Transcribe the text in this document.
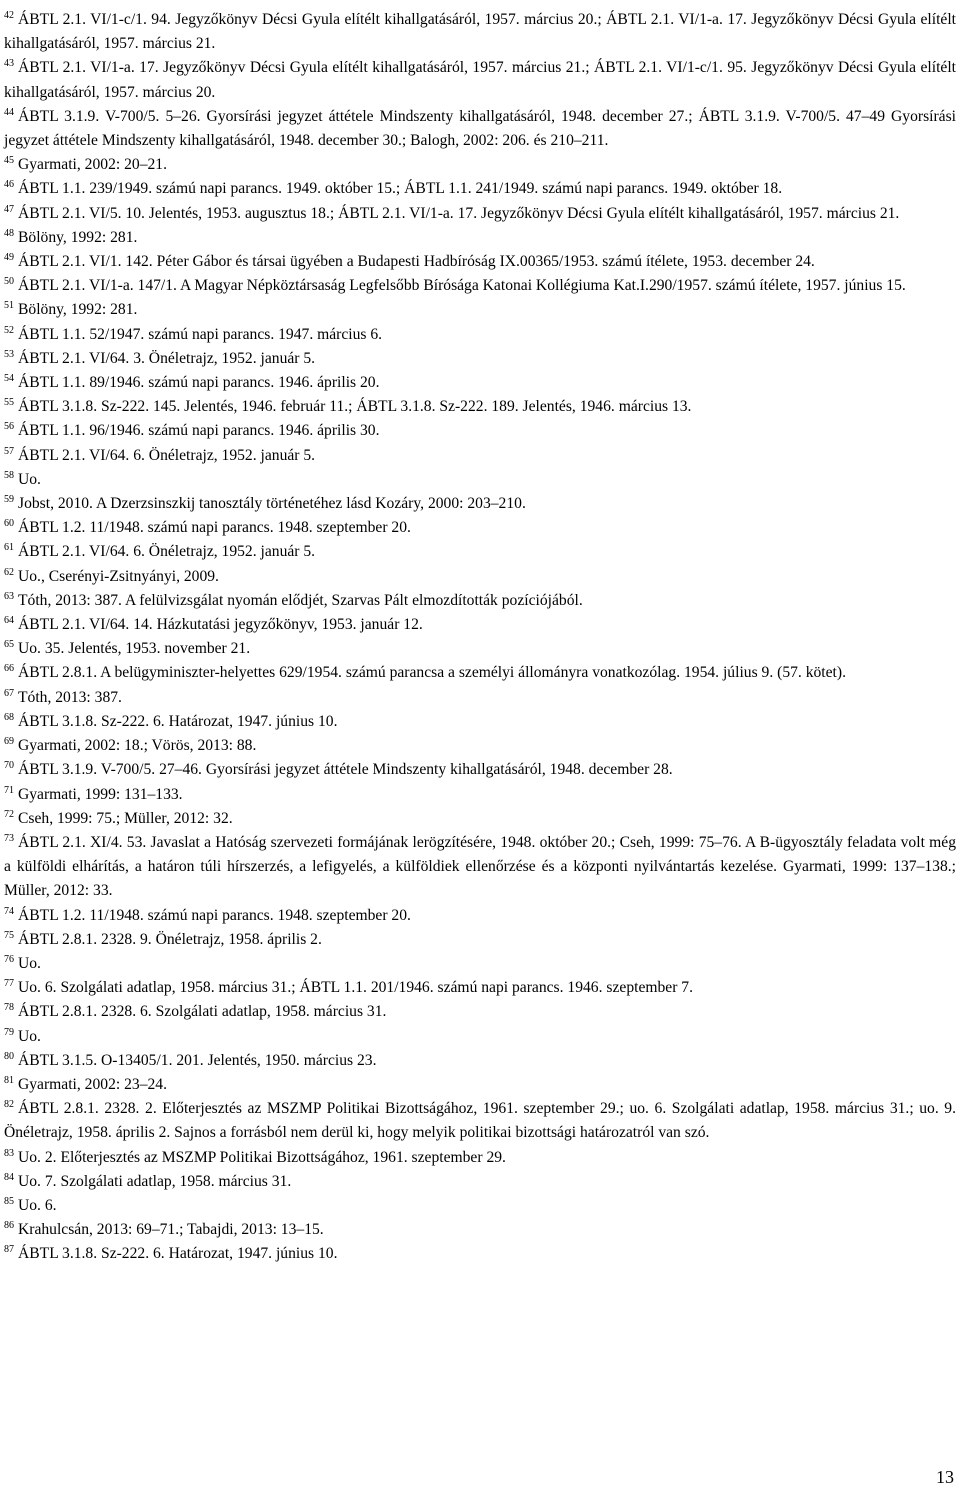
$^{42}$ ÁBTL 2.1. VI/1-c/1. 94. Jegyzőkönyv Décsi Gyula elítélt kihallgatásáról, 1957. március 20.; ÁBTL 2.1. VI/1-a. 17. Jegyzőkönyv Décsi Gyula elítélt kihallgatásáról, 1957. március 21.
$^{43}$ ÁBTL 2.1. VI/1-a. 17. Jegyzőkönyv Décsi Gyula elítélt kihallgatásáról, 1957. március 21.; ÁBTL 2.1. VI/1-c/1. 95. Jegyzőkönyv Décsi Gyula elítélt kihallgatásáról, 1957. március 20.
$^{44}$ ÁBTL 3.1.9. V-700/5. 5–26. Gyorsírási jegyzet áttétele Mindszenty kihallgatásáról, 1948. december 27.; ÁBTL 3.1.9. V-700/5. 47–49 Gyorsírási jegyzet áttétele Mindszenty kihallgatásáról, 1948. december 30.; Balogh, 2002: 206. és 210–211.
$^{45}$ Gyarmati, 2002: 20–21.
$^{46}$ ÁBTL 1.1. 239/1949. számú napi parancs. 1949. október 15.; ÁBTL 1.1. 241/1949. számú napi parancs. 1949. október 18.
$^{47}$ ÁBTL 2.1. VI/5. 10. Jelentés, 1953. augusztus 18.; ÁBTL 2.1. VI/1-a. 17. Jegyzőkönyv Décsi Gyula elítélt kihallgatásáról, 1957. március 21.
$^{48}$ Bölöny, 1992: 281.
$^{49}$ ÁBTL 2.1. VI/1. 142. Péter Gábor és társai ügyében a Budapesti Hadbíróság IX.00365/1953. számú ítélete, 1953. december 24.
$^{50}$ ÁBTL 2.1. VI/1-a. 147/1. A Magyar Népköztársaság Legfelsőbb Bírósága Katonai Kollégiuma Kat.I.290/1957. számú ítélete, 1957. június 15.
$^{51}$ Bölöny, 1992: 281.
$^{52}$ ÁBTL 1.1. 52/1947. számú napi parancs. 1947. március 6.
$^{53}$ ÁBTL 2.1. VI/64. 3. Önéletrajz, 1952. január 5.
$^{54}$ ÁBTL 1.1. 89/1946. számú napi parancs. 1946. április 20.
$^{55}$ ÁBTL 3.1.8. Sz-222. 145. Jelentés, 1946. február 11.; ÁBTL 3.1.8. Sz-222. 189. Jelentés, 1946. március 13.
$^{56}$ ÁBTL 1.1. 96/1946. számú napi parancs. 1946. április 30.
$^{57}$ ÁBTL 2.1. VI/64. 6. Önéletrajz, 1952. január 5.
$^{58}$ Uo.
$^{59}$ Jobst, 2010. A Dzerzsinszkij tanosztály történetéhez lásd Kozáry, 2000: 203–210.
$^{60}$ ÁBTL 1.2. 11/1948. számú napi parancs. 1948. szeptember 20.
$^{61}$ ÁBTL 2.1. VI/64. 6. Önéletrajz, 1952. január 5.
$^{62}$ Uo., Cserényi-Zsitnyányi, 2009.
$^{63}$ Tóth, 2013: 387. A felülvizsgálat nyomán elődjét, Szarvas Pált elmozdították pozíciójából.
$^{64}$ ÁBTL 2.1. VI/64. 14. Házkutatási jegyzőkönyv, 1953. január 12.
$^{65}$ Uo. 35. Jelentés, 1953. november 21.
$^{66}$ ÁBTL 2.8.1. A belügyminiszter-helyettes 629/1954. számú parancsa a személyi állományra vonatkozólag. 1954. július 9. (57. kötet).
$^{67}$ Tóth, 2013: 387.
$^{68}$ ÁBTL 3.1.8. Sz-222. 6. Határozat, 1947. június 10.
$^{69}$ Gyarmati, 2002: 18.; Vörös, 2013: 88.
$^{70}$ ÁBTL 3.1.9. V-700/5. 27–46. Gyorsírási jegyzet áttétele Mindszenty kihallgatásáról, 1948. december 28.
$^{71}$ Gyarmati, 1999: 131–133.
$^{72}$ Cseh, 1999: 75.; Müller, 2012: 32.
$^{73}$ ÁBTL 2.1. XI/4. 53. Javaslat a Hatóság szervezeti formájának lerögzítésére, 1948. október 20.; Cseh, 1999: 75–76. A B-ügyosztály feladata volt még a külföldi elhárítás, a határon túli hírszerzés, a lefigyelés, a külföldiek ellenőrzése és a központi nyilvántartás kezelése. Gyarmati, 1999: 137–138.; Müller, 2012: 33.
$^{74}$ ÁBTL 1.2. 11/1948. számú napi parancs. 1948. szeptember 20.
$^{75}$ ÁBTL 2.8.1. 2328. 9. Önéletrajz, 1958. április 2.
$^{76}$ Uo.
$^{77}$ Uo. 6. Szolgálati adatlap, 1958. március 31.; ÁBTL 1.1. 201/1946. számú napi parancs. 1946. szeptember 7.
$^{78}$ ÁBTL 2.8.1. 2328. 6. Szolgálati adatlap, 1958. március 31.
$^{79}$ Uo.
$^{80}$ ÁBTL 3.1.5. O-13405/1. 201. Jelentés, 1950. március 23.
$^{81}$ Gyarmati, 2002: 23–24.
$^{82}$ ÁBTL 2.8.1. 2328. 2. Előterjesztés az MSZMP Politikai Bizottságához, 1961. szeptember 29.; uo. 6. Szolgálati adatlap, 1958. március 31.; uo. 9. Önéletrajz, 1958. április 2. Sajnos a forrásból nem derül ki, hogy melyik politikai bizottsági határozatról van szó.
$^{83}$ Uo. 2. Előterjesztés az MSZMP Politikai Bizottságához, 1961. szeptember 29.
$^{84}$ Uo. 7. Szolgálati adatlap, 1958. március 31.
$^{85}$ Uo. 6.
$^{86}$ Krahulcsán, 2013: 69–71.; Tabajdi, 2013: 13–15.
$^{87}$ ÁBTL 3.1.8. Sz-222. 6. Határozat, 1947. június 10.
13
